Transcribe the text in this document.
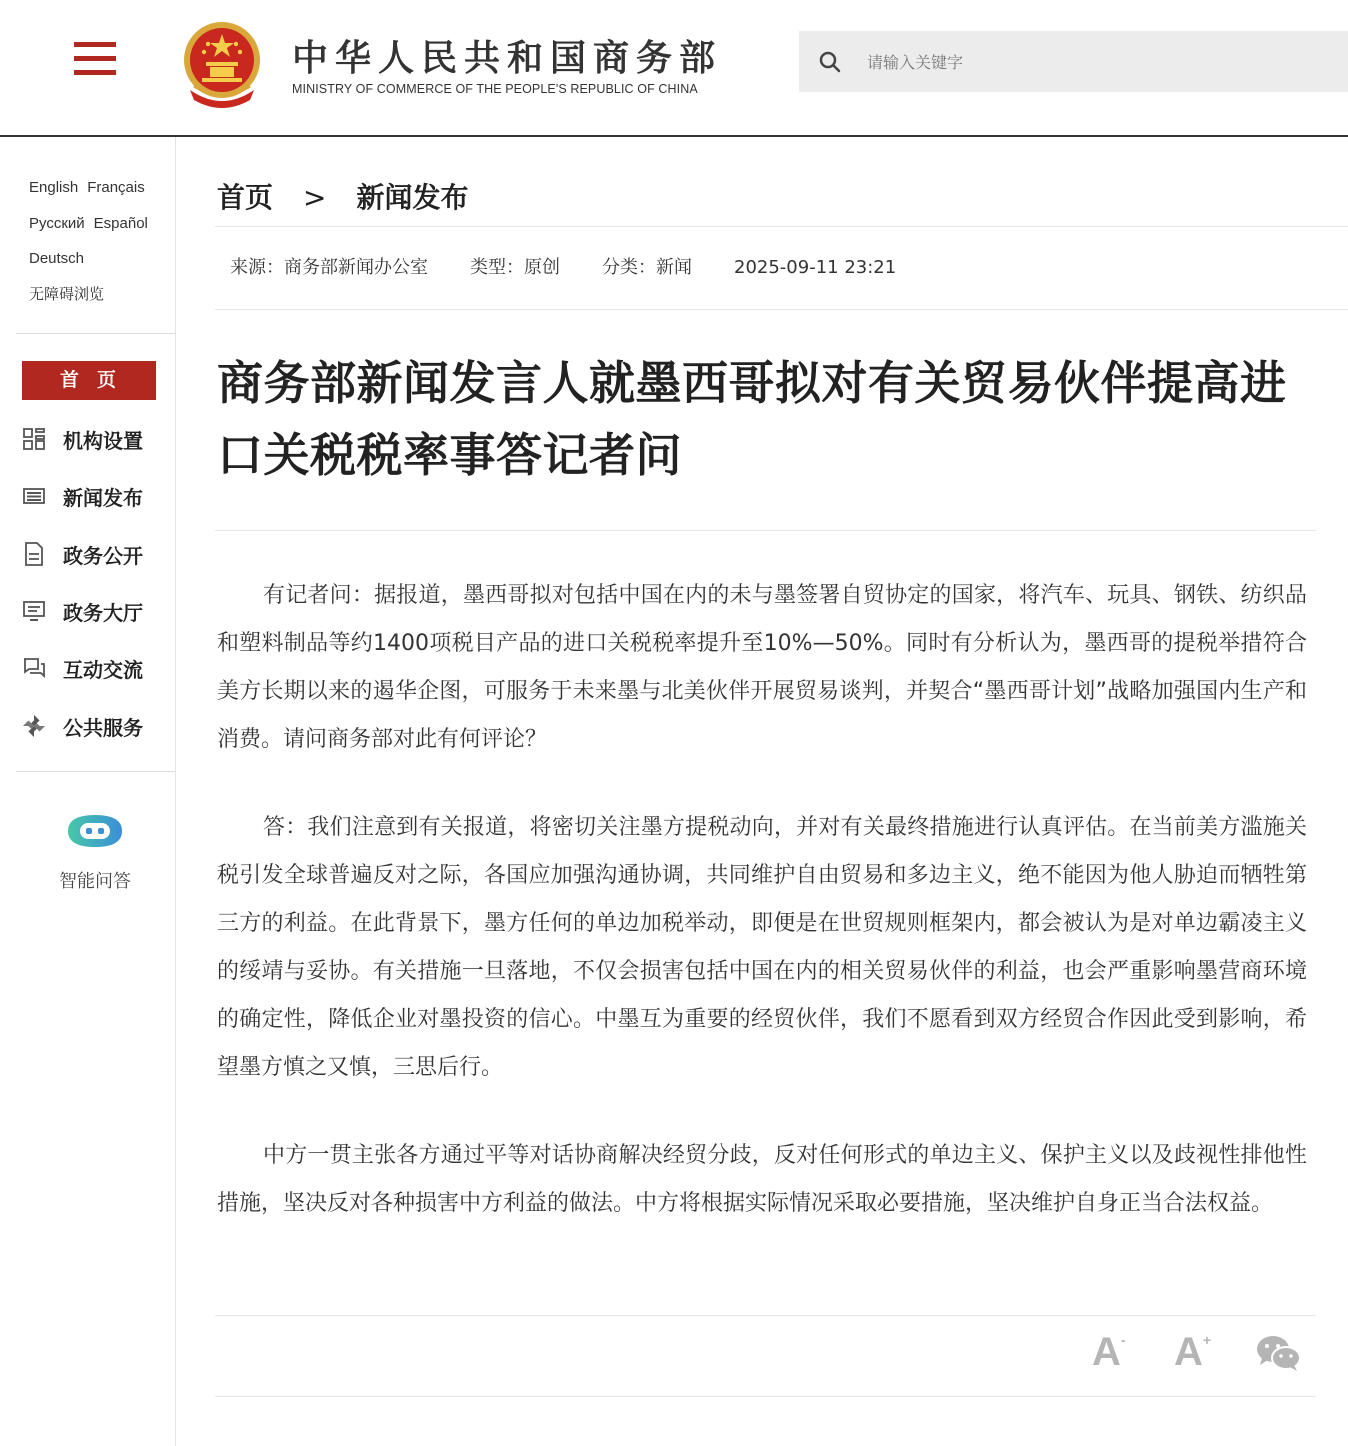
中华人民共和国商务部
MINISTRY OF COMMERCE OF THE PEOPLE'S REPUBLIC OF CHINA
请输入关键字
English Français
Русский Español
Deutsch
无障碍浏览
首页
机构设置
新闻发布
政务公开
政务大厅
互动交流
公共服务
智能问答
首页 > 新闻发布
来源：商务部新闻办公室 类型：原创 分类：新闻 2025-09-11 23:21
商务部新闻发言人就墨西哥拟对有关贸易伙伴提高进口关税税率事答记者问
有记者问：据报道，墨西哥拟对包括中国在内的未与墨签署自贸协定的国家，将汽车、玩具、钢铁、纺织品和塑料制品等约1400项税目产品的进口关税税率提升至10%—50%。同时有分析认为，墨西哥的提税举措符合美方长期以来的遏华企图，可服务于未来墨与北美伙伴开展贸易谈判，并契合“墨西哥计划”战略加强国内生产和消费。请问商务部对此有何评论？
答：我们注意到有关报道，将密切关注墨方提税动向，并对有关最终措施进行认真评估。在当前美方滥施关税引发全球普遍反对之际，各国应加强沟通协调，共同维护自由贸易和多边主义，绝不能因为他人胁迫而牺牲第三方的利益。在此背景下，墨方任何的单边加税举动，即便是在世贸规则框架内，都会被认为是对单边霸凌主义的绥靖与妥协。有关措施一旦落地，不仅会损害包括中国在内的相关贸易伙伴的利益，也会严重影响墨营商环境的确定性，降低企业对墨投资的信心。中墨互为重要的经贸伙伴，我们不愿看到双方经贸合作因此受到影响，希望墨方慎之又慎，三思后行。
中方一贯主张各方通过平等对话协商解决经贸分歧，反对任何形式的单边主义、保护主义以及歧视性排他性措施，坚决反对各种损害中方利益的做法。中方将根据实际情况采取必要措施，坚决维护自身正当合法权益。
A- A+
